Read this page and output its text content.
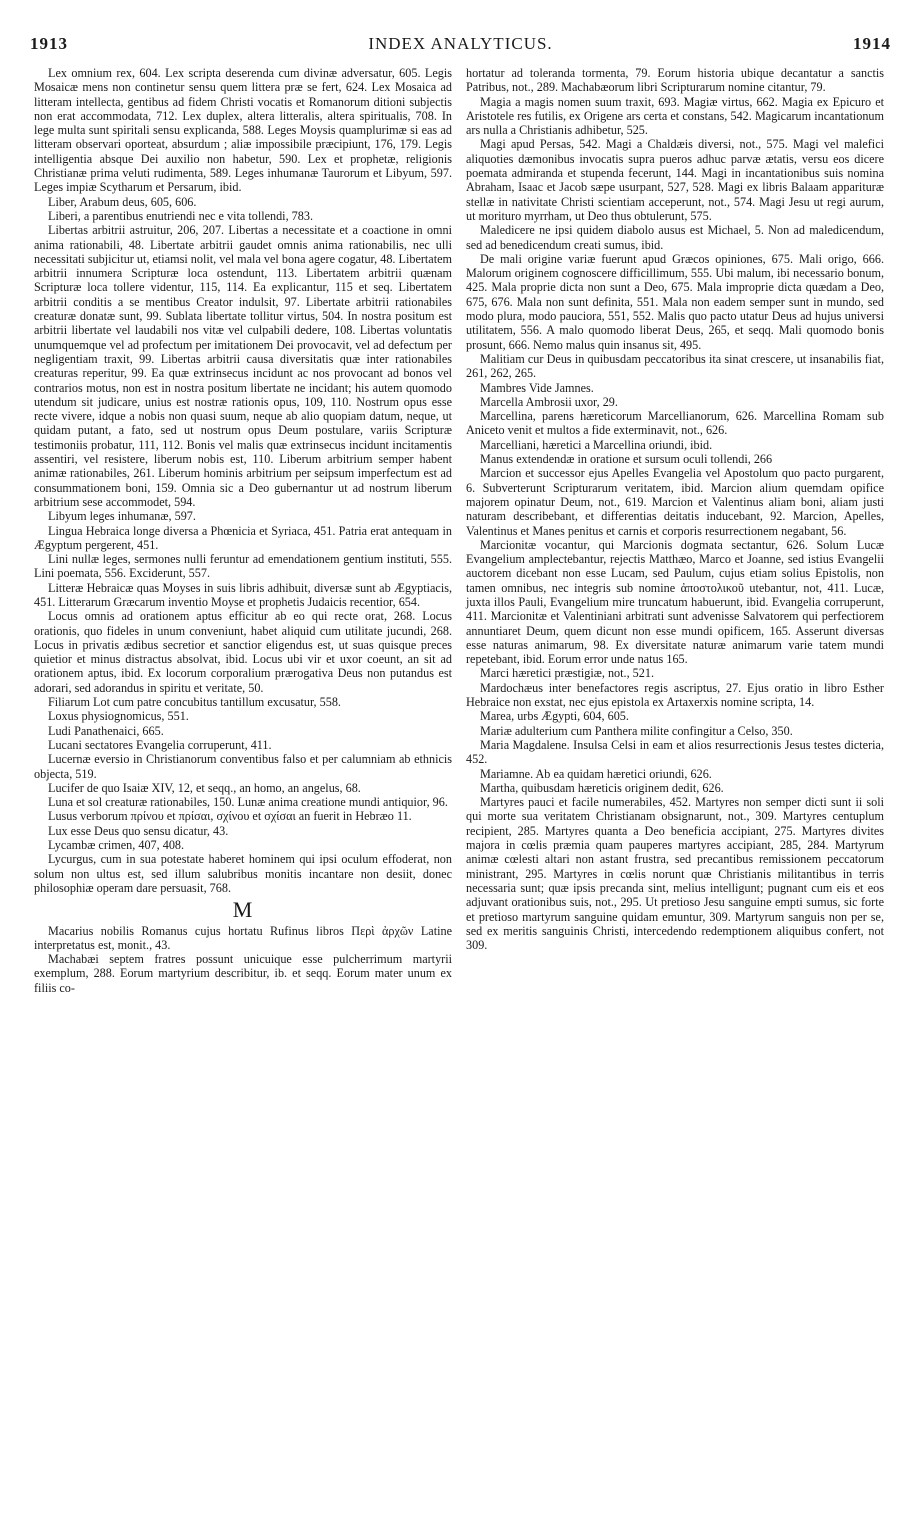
1913	INDEX ANALYTICUS.	1914

Lex omnium rex, 604. Lex scripta deserenda cum divinæ adversatur, 605. Legis Mosaicæ mens non continetur sensu quem littera præ se fert, 624. Lex Mosaica ad litteram intellecta, gentibus ad fidem Christi vocatis et Romanorum ditioni subjectis non erat accommodata, 712. Lex duplex, altera litteralis, altera spiritualis, 708. In lege multa sunt spiritali sensu explicanda, 588. Leges Moysis quamplurimæ si eas ad litteram observari oporteat, absurdum ; aliæ impossibile præcipiunt, 176, 179. Legis intelligentia absque Dei auxilio non habetur, 590. Lex et prophetæ, religionis Christianæ prima veluti rudimenta, 589. Leges inhumanæ Taurorum et Libyum, 597. Leges impiæ Scytharum et Persarum, ibid.

Liber, Arabum deus, 605, 606.

Liberi, a parentibus enutriendi nec e vita tollendi, 783.

Libertas arbitrii astruitur, 206, 207. Libertas a necessitate et a coactione in omni anima rationabili, 48. Libertate arbitrii gaudet omnis anima rationabilis, nec ulli necessitati subjicitur ut, etiamsi nolit, vel mala vel bona agere cogatur, 48. Libertatem arbitrii innumera Scripturæ loca ostendunt, 113. Libertatem arbitrii quænam Scripturæ loca tollere videntur, 115, 114. Ea explicantur, 115 et seq. Libertatem arbitrii conditis a se mentibus Creator indulsit, 97. Libertate arbitrii rationabiles creaturæ donatæ sunt, 99. Sublata libertate tollitur virtus, 504. In nostra positum est arbitrii libertate vel laudabili nos vitæ vel culpabili dedere, 108. Libertas voluntatis unumquemque vel ad profectum per imitationem Dei provocavit, vel ad defectum per negligentiam traxit, 99. Libertas arbitrii causa diversitatis quæ inter rationabiles creaturas reperitur, 99. Ea quæ extrinsecus incidunt ac nos provocant ad bonos vel contrarios motus, non est in nostra positum libertate ne incidant; his autem quomodo utendum sit judicare, unius est nostræ rationis opus, 109, 110. Nostrum opus esse recte vivere, idque a nobis non quasi suum, neque ab alio quopiam datum, neque, ut quidam putant, a fato, sed ut nostrum opus Deum postulare, variis Scripturæ testimoniis probatur, 111, 112. Bonis vel malis quæ extrinsecus incidunt incitamentis assentiri, vel resistere, liberum nobis est, 110. Liberum arbitrium semper habent animæ rationabiles, 261. Liberum hominis arbitrium per seipsum imperfectum est ad consummationem boni, 159. Omnia sic a Deo gubernantur ut ad nostrum liberum arbitrium sese accommodet, 594.

Libyum leges inhumanæ, 597.

Lingua Hebraica longe diversa a Phœnicia et Syriaca, 451. Patria erat antequam in Ægyptum pergerent, 451.

Lini nullæ leges, sermones nulli feruntur ad emendationem gentium instituti, 555. Lini poemata, 556. Exciderunt, 557.

Litteræ Hebraicæ quas Moyses in suis libris adhibuit, diversæ sunt ab Ægyptiacis, 451. Litterarum Græcarum inventio Moyse et prophetis Judaicis recentior, 654.

Locus omnis ad orationem aptus efficitur ab eo qui recte orat, 268. Locus orationis, quo fideles in unum conveniunt, habet aliquid cum utilitate jucundi, 268. Locus in privatis ædibus secretior et sanctior eligendus est, ut suas quisque preces quietior et minus distractus absolvat, ibid. Locus ubi vir et uxor coeunt, an sit ad orationem aptus, ibid. Ex locorum corporalium prærogativa Deus non putandus est adorari, sed adorandus in spiritu et veritate, 50.

Filiarum Lot cum patre concubitus tantillum excusatur, 558.

Loxus physiognomicus, 551.

Ludi Panathenaici, 665.

Lucani sectatores Evangelia corruperunt, 411.

Lucernæ eversio in Christianorum conventibus falso et per calumniam ab ethnicis objecta, 519.

Lucifer de quo Isaiæ XIV, 12, et seqq., an homo, an angelus, 68.

Luna et sol creaturæ rationabiles, 150. Lunæ anima creatione mundi antiquior, 96.

Lusus verborum πρίνου et πρίσαι, σχίνου et σχίσαι an fuerit in Hebræo 11.

Lux esse Deus quo sensu dicatur, 43.

Lycambæ crimen, 407, 408.

Lycurgus, cum in sua potestate haberet hominem qui ipsi oculum effoderat, non solum non ultus est, sed illum salubribus monitis incantare non desiit, donec philosophiæ operam dare persuasit, 768.

M

Macarius nobilis Romanus cujus hortatu Rufinus libros Περὶ ἀρχῶν Latine interpretatus est, monit., 43.

Machabæi septem fratres possunt unicuique esse pulcherrimum martyrii exemplum, 288. Eorum martyrium describitur, ib. et seqq. Eorum mater unum ex filiis co-

hortatur ad toleranda tormenta, 79. Eorum historia ubique decantatur a sanctis Patribus, not., 289. Machabæorum libri Scripturarum nomine citantur, 79.

Magia a magis nomen suum traxit, 693. Magiæ virtus, 662. Magia ex Epicuro et Aristotele res futilis, ex Origene ars certa et constans, 542. Magicarum incantationum ars nulla a Christianis adhibetur, 525.

Magi apud Persas, 542. Magi a Chaldæis diversi, not., 575. Magi vel malefici aliquoties dæmonibus invocatis supra pueros adhuc parvæ ætatis, versu eos dicere poemata admiranda et stupenda fecerunt, 144. Magi in incantationibus suis nomina Abraham, Isaac et Jacob sæpe usurpant, 527, 528. Magi ex libris Balaam apparituræ stellæ in nativitate Christi scientiam acceperunt, not., 574. Magi Jesu ut regi aurum, ut morituro myrrham, ut Deo thus obtulerunt, 575.

Maledicere ne ipsi quidem diabolo ausus est Michael, 5. Non ad maledicendum, sed ad benedicendum creati sumus, ibid.

De mali origine variæ fuerunt apud Græcos opiniones, 675. Mali origo, 666. Malorum originem cognoscere difficillimum, 555. Ubi malum, ibi necessario bonum, 425. Mala proprie dicta non sunt a Deo, 675. Mala improprie dicta quædam a Deo, 675, 676. Mala non sunt definita, 551. Mala non eadem semper sunt in mundo, sed modo plura, modo pauciora, 551, 552. Malis quo pacto utatur Deus ad hujus universi utilitatem, 556. A malo quomodo liberat Deus, 265, et seqq. Mali quomodo bonis prosunt, 666. Nemo malus quin insanus sit, 495.

Malitiam cur Deus in quibusdam peccatoribus ita sinat crescere, ut insanabilis fiat, 261, 262, 265.

Mambres Vide Jamnes.

Marcella Ambrosii uxor, 29.

Marcellina, parens hæreticorum Marcellianorum, 626. Marcellina Romam sub Aniceto venit et multos a fide exterminavit, not., 626.

Marcelliani, hæretici a Marcellina oriundi, ibid.

Manus extendendæ in oratione et sursum oculi tollendi, 266

Marcion et successor ejus Apelles Evangelia vel Apostolum quo pacto purgarent, 6. Subverterunt Scripturarum veritatem, ibid. Marcion alium quemdam opifice majorem opinatur Deum, not., 619. Marcion et Valentinus aliam boni, aliam justi naturam describebant, et differentias deitatis inducebant, 92. Marcion, Apelles, Valentinus et Manes penitus et carnis et corporis resurrectionem negabant, 56.

Marcionitæ vocantur, qui Marcionis dogmata sectantur, 626. Solum Lucæ Evangelium amplectebantur, rejectis Matthæo, Marco et Joanne, sed istius Evangelii auctorem dicebant non esse Lucam, sed Paulum, cujus etiam solius Epistolis, non tamen omnibus, nec integris sub nomine ἀποστολικοῦ utebantur, not, 411. Lucæ, juxta illos Pauli, Evangelium mire truncatum habuerunt, ibid. Evangelia corruperunt, 411. Marcionitæ et Valentiniani arbitrati sunt advenisse Salvatorem qui perfectiorem annuntiaret Deum, quem dicunt non esse mundi opificem, 165. Asserunt diversas esse naturas animarum, 98. Ex diversitate naturæ animarum varie tatem mundi repetebant, ibid. Eorum error unde natus 165.

Marci hæretici præstigiæ, not., 521.

Mardochæus inter benefactores regis ascriptus, 27. Ejus oratio in libro Esther Hebraice non exstat, nec ejus epistola ex Artaxerxis nomine scripta, 14.

Marea, urbs Ægypti, 604, 605.

Mariæ adulterium cum Panthera milite confingitur a Celso, 350.

Maria Magdalene. Insulsa Celsi in eam et alios resurrectionis Jesus testes dicteria, 452.

Mariamne. Ab ea quidam hæretici oriundi, 626.

Martha, quibusdam hæreticis originem dedit, 626.

Martyres pauci et facile numerabiles, 452. Martyres non semper dicti sunt ii soli qui morte sua veritatem Christianam obsignarunt, not., 309. Martyres centuplum recipient, 285. Martyres quanta a Deo beneficia accipiant, 275. Martyres divites majora in cœlis præmia quam pauperes martyres accipiant, 285, 284. Martyrum animæ cœlesti altari non astant frustra, sed precantibus remissionem peccatorum ministrant, 295. Martyres in cœlis norunt quæ Christianis militantibus in terris necessaria sunt; quæ ipsis precanda sint, melius intelligunt; pugnant cum eis et eos adjuvant orationibus suis, not., 295. Ut pretioso Jesu sanguine empti sumus, sic forte et pretioso martyrum sanguine quidam emuntur, 309. Martyrum sanguis non per se, sed ex meritis sanguinis Christi, intercedendo redemptionem aliquibus confert, not 309.
